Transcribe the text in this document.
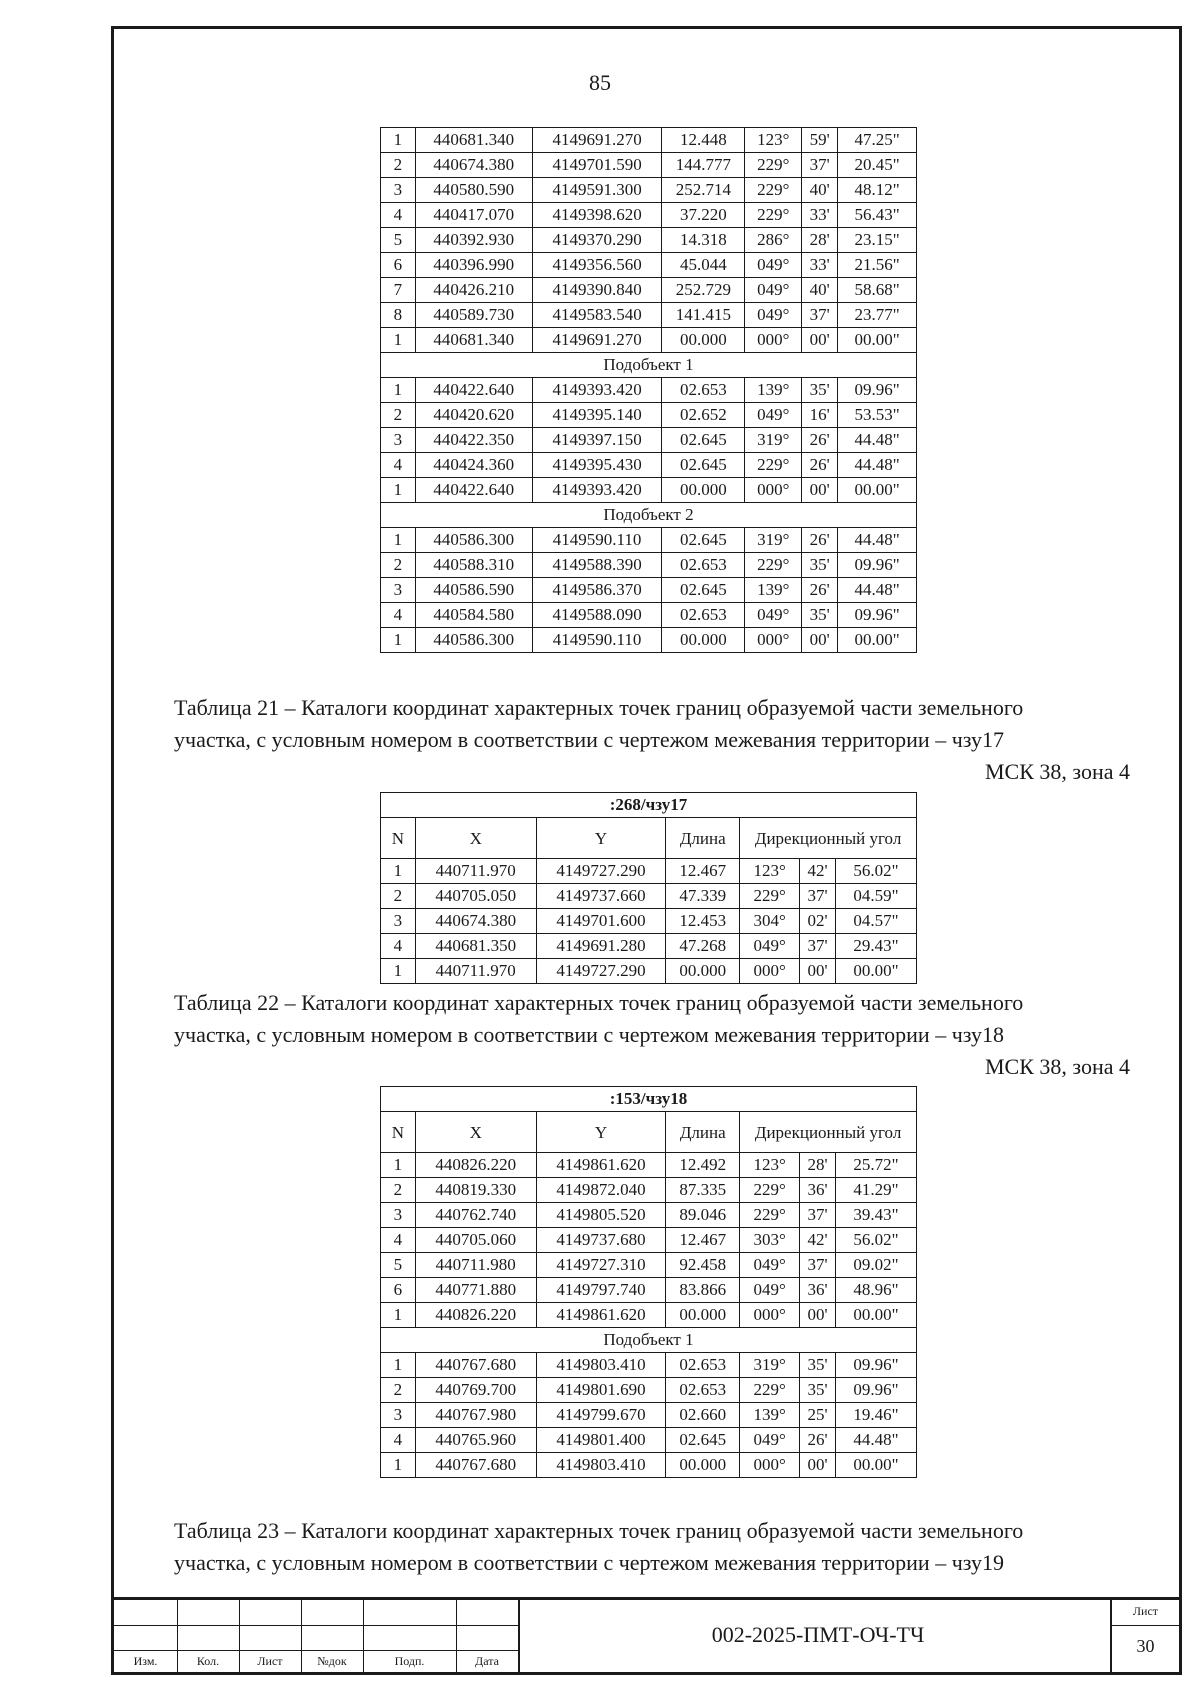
85
1	440681.340	4149691.270	12.448	123°	59'	47.25"
2	440674.380	4149701.590	144.777	229°	37'	20.45"
3	440580.590	4149591.300	252.714	229°	40'	48.12"
4	440417.070	4149398.620	37.220	229°	33'	56.43"
5	440392.930	4149370.290	14.318	286°	28'	23.15"
6	440396.990	4149356.560	45.044	049°	33'	21.56"
7	440426.210	4149390.840	252.729	049°	40'	58.68"
8	440589.730	4149583.540	141.415	049°	37'	23.77"
1	440681.340	4149691.270	00.000	000°	00'	00.00"
Подобъект 1						
1	440422.640	4149393.420	02.653	139°	35'	09.96"
2	440420.620	4149395.140	02.652	049°	16'	53.53"
3	440422.350	4149397.150	02.645	319°	26'	44.48"
4	440424.360	4149395.430	02.645	229°	26'	44.48"
1	440422.640	4149393.420	00.000	000°	00'	00.00"
Подобъект 2						
1	440586.300	4149590.110	02.645	319°	26'	44.48"
2	440588.310	4149588.390	02.653	229°	35'	09.96"
3	440586.590	4149586.370	02.645	139°	26'	44.48"
4	440584.580	4149588.090	02.653	049°	35'	09.96"
1	440586.300	4149590.110	00.000	000°	00'	00.00"
Таблица 21 – Каталоги координат характерных точек границ образуемой части земельного
участка, с условным номером в соответствии с чертежом межевания территории – чзу17
МСК 38, зона 4
:268/чзу17						
N	X	Y	Длина	Дирекционный угол		
1	440711.970	4149727.290	12.467	123°	42'	56.02"
2	440705.050	4149737.660	47.339	229°	37'	04.59"
3	440674.380	4149701.600	12.453	304°	02'	04.57"
4	440681.350	4149691.280	47.268	049°	37'	29.43"
1	440711.970	4149727.290	00.000	000°	00'	00.00"
Таблица 22 – Каталоги координат характерных точек границ образуемой части земельного
участка, с условным номером в соответствии с чертежом межевания территории – чзу18
МСК 38, зона 4
:153/чзу18						
N	X	Y	Длина	Дирекционный угол		
1	440826.220	4149861.620	12.492	123°	28'	25.72"
2	440819.330	4149872.040	87.335	229°	36'	41.29"
3	440762.740	4149805.520	89.046	229°	37'	39.43"
4	440705.060	4149737.680	12.467	303°	42'	56.02"
5	440711.980	4149727.310	92.458	049°	37'	09.02"
6	440771.880	4149797.740	83.866	049°	36'	48.96"
1	440826.220	4149861.620	00.000	000°	00'	00.00"
Подобъект 1						
1	440767.680	4149803.410	02.653	319°	35'	09.96"
2	440769.700	4149801.690	02.653	229°	35'	09.96"
3	440767.980	4149799.670	02.660	139°	25'	19.46"
4	440765.960	4149801.400	02.645	049°	26'	44.48"
1	440767.680	4149803.410	00.000	000°	00'	00.00"
Таблица 23 – Каталоги координат характерных точек границ образуемой части земельного
участка, с условным номером в соответствии с чертежом межевания территории – чзу19
Изм.	Кол.	Лист	№док	Подп.	Дата
002-2025-ПМТ-ОЧ-ТЧ
Лист
30
